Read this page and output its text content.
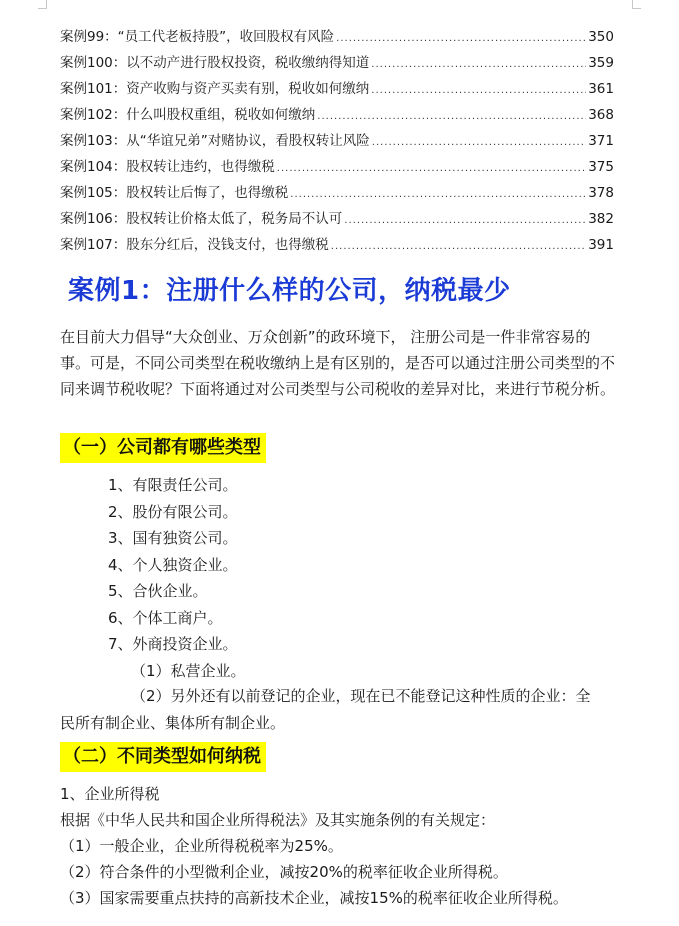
案例99：“员工代老板持股”，收回股权有风险 .....	350
案例100：以不动产进行股权投资，税收缴纳得知道 .....	359
案例101：资产收购与资产买卖有别，税收如何缴纳 .....	361
案例102：什么叫股权重组，税收如何缴纳 .....	368
案例103：从“华谊兄弟”对赌协议，看股权转让风险 .....	371
案例104：股权转让违约，也得缴税 .....	375
案例105：股权转让后悔了，也得缴税 .....	378
案例106：股权转让价格太低了，税务局不认可 .....	382
案例107：股东分红后，没钱支付，也得缴税 .....	391
案例1：注册什么样的公司，纳税最少
在目前大力倡导“大众创业、万众创新”的政环境下， 注册公司是一件非常容易的事。可是，不同公司类型在税收缴纳上是有区别的，是否可以通过注册公司类型的不同来调节税收呢？下面将通过对公司类型与公司税收的差异对比，来进行节税分析。
（一）公司都有哪些类型
1、有限责任公司。
2、股份有限公司。
3、国有独资公司。
4、个人独资企业。
5、合伙企业。
6、个体工商户。
7、外商投资企业。
（1）私营企业。
（2）另外还有以前登记的企业，现在已不能登记这种性质的企业：全
民所有制企业、集体所有制企业。
（二）不同类型如何纳税
1、企业所得税
根据《中华人民共和国企业所得税法》及其实施条例的有关规定：
（1）一般企业，企业所得税税率为25%。
（2）符合条件的小型微利企业，减按20%的税率征收企业所得税。
（3）国家需要重点扶持的高新技术企业，减按15%的税率征收企业所得税。
